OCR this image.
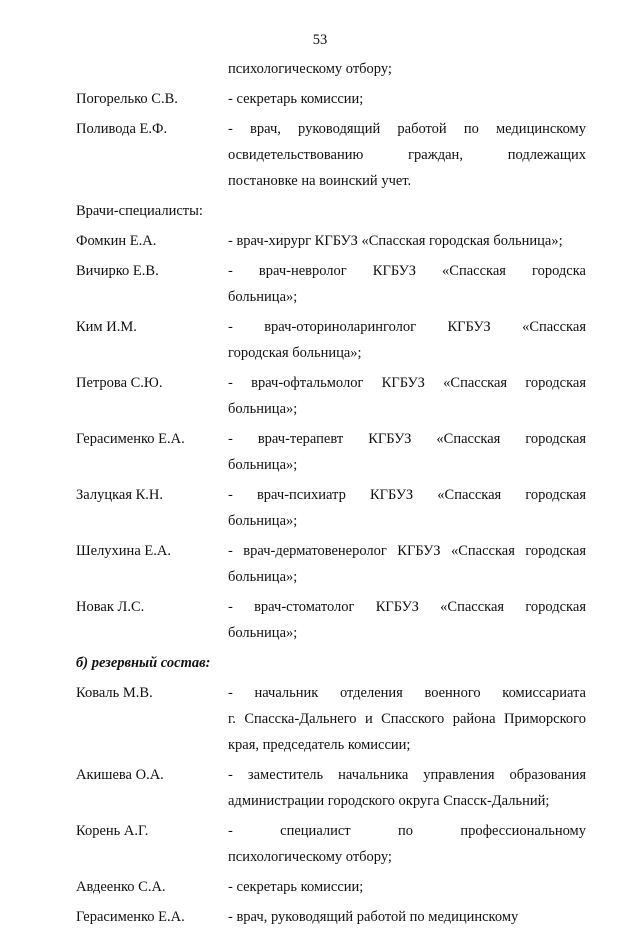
53
психологическому отбору;
Погорелько С.В.	- секретарь комиссии;
Поливода Е.Ф.	- врач, руководящий работой по медицинскому
освидетельствованию граждан, подлежащих
постановке на воинский учет.
Врачи-специалисты:
Фомкин Е.А.	- врач-хирург КГБУЗ «Спасская городская больница»;
Вичирко Е.В.	- врач-невролог КГБУЗ «Спасская городска
больница»;
Ким И.М.	- врач-оториноларинголог КГБУЗ «Спасская
городская больница»;
Петрова С.Ю.	- врач-офтальмолог КГБУЗ «Спасская городская
больница»;
Герасименко Е.А.	- врач-терапевт КГБУЗ «Спасская городская
больница»;
Залуцкая К.Н.	- врач-психиатр КГБУЗ «Спасская городская
больница»;
Шелухина Е.А.	- врач-дерматовенеролог КГБУЗ «Спасская городская
больница»;
Новак Л.С.	- врач-стоматолог КГБУЗ «Спасская городская
больница»;
б) резервный состав:
Коваль М.В.	- начальник отделения военного комиссариата
г. Спасска-Дальнего и Спасского района Приморского
края, председатель комиссии;
Акишева О.А.	- заместитель начальника управления образования
администрации городского округа Спасск-Дальний;
Корень А.Г.	- специалист по профессиональному
психологическому отбору;
Авдеенко С.А.	- секретарь комиссии;
Герасименко Е.А.	- врач, руководящий работой по медицинскому
